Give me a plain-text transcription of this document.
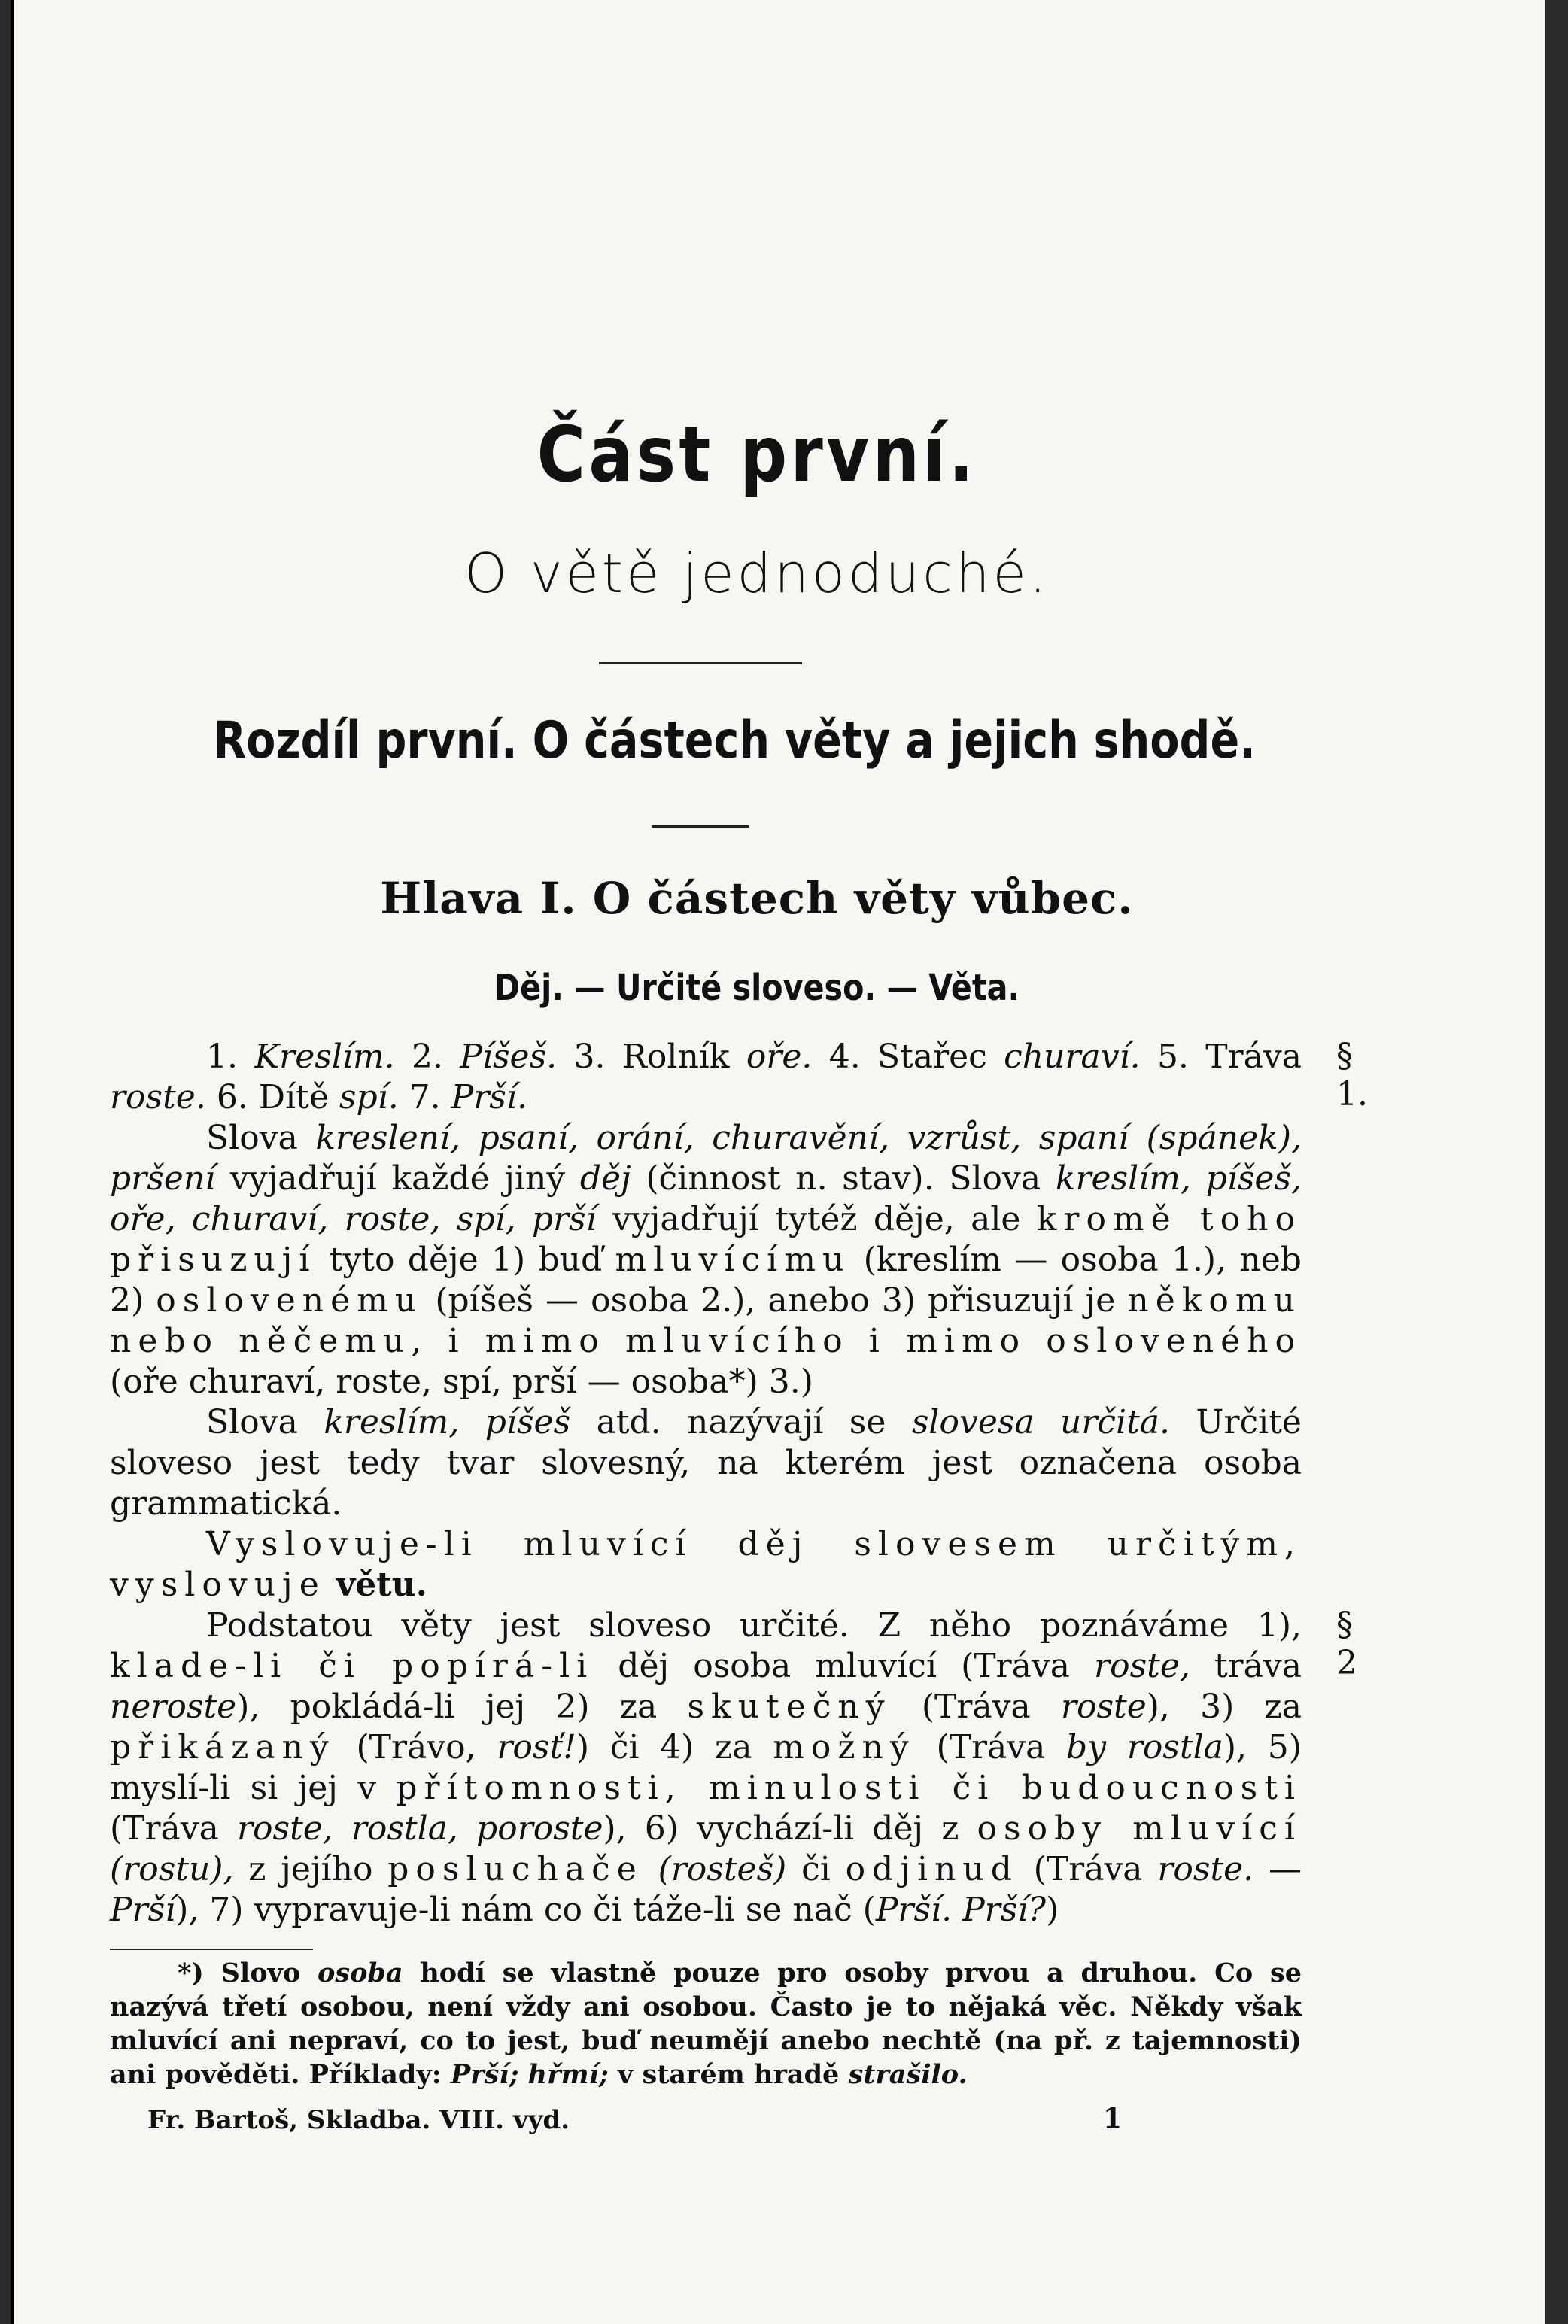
Část první.
O větě jednoduché.
Rozdíl první. O částech věty a jejich shodě.
Hlava I. O částech věty vůbec.
Děj. — Určité sloveso. — Věta.
§ 1.
§ 2

1. Kreslím. 2. Píšeš. 3. Rolník oře. 4. Stařec churaví. 5. Tráva roste. 6. Dítě spí. 7. Prší.

Slova kreslení, psaní, orání, churavění, vzrůst, spaní (spánek), pršení vyjadřují každé jiný děj (činnost n. stav). Slova kreslím, píšeš, oře, churaví, roste, spí, prší vyjadřují tytéž děje, ale kromě toho přisuzují tyto děje 1) buď mluvícímu (kreslím — osoba 1.), neb 2) oslovenému (píšeš — osoba 2.), anebo 3) přisuzují je někomu nebo něčemu, i mimo mluvícího i mimo osloveného (oře churaví, roste, spí, prší — osoba*) 3.)

Slova kreslím, píšeš atd. nazývají se slovesa určitá. Určité sloveso jest tedy tvar slovesný, na kterém jest označena osoba grammatická.

Vyslovuje-li mluvící děj slovesem určitým, vyslovuje větu.

Podstatou věty jest sloveso určité. Z něho poznáváme 1), klade-li či popírá-li děj osoba mluvící (Tráva roste, tráva neroste), pokládá-li jej 2) za skutečný (Tráva roste), 3) za přikázaný (Trávo, rosť!) či 4) za možný (Tráva by rostla), 5) myslí-li si jej v přítomnosti, minulosti či budoucnosti (Tráva roste, rostla, poroste), 6) vychází-li děj z osoby mluvící (rostu), z jejího posluchače (rosteš) či odjinud (Tráva roste. — Prší), 7) vypravuje-li nám co či táže-li se nač (Prší. Prší?)

*) Slovo osoba hodí se vlastně pouze pro osoby prvou a druhou. Co se nazývá třetí osobou, není vždy ani osobou. Často je to nějaká věc. Někdy však mluvící ani nepraví, co to jest, buď neumějí anebo nechtě (na př. z tajemnosti) ani pověděti. Příklady: Prší; hřmí; v starém hradě strašilo.

Fr. Bartoš, Skladba. VIII. vyd.	1
